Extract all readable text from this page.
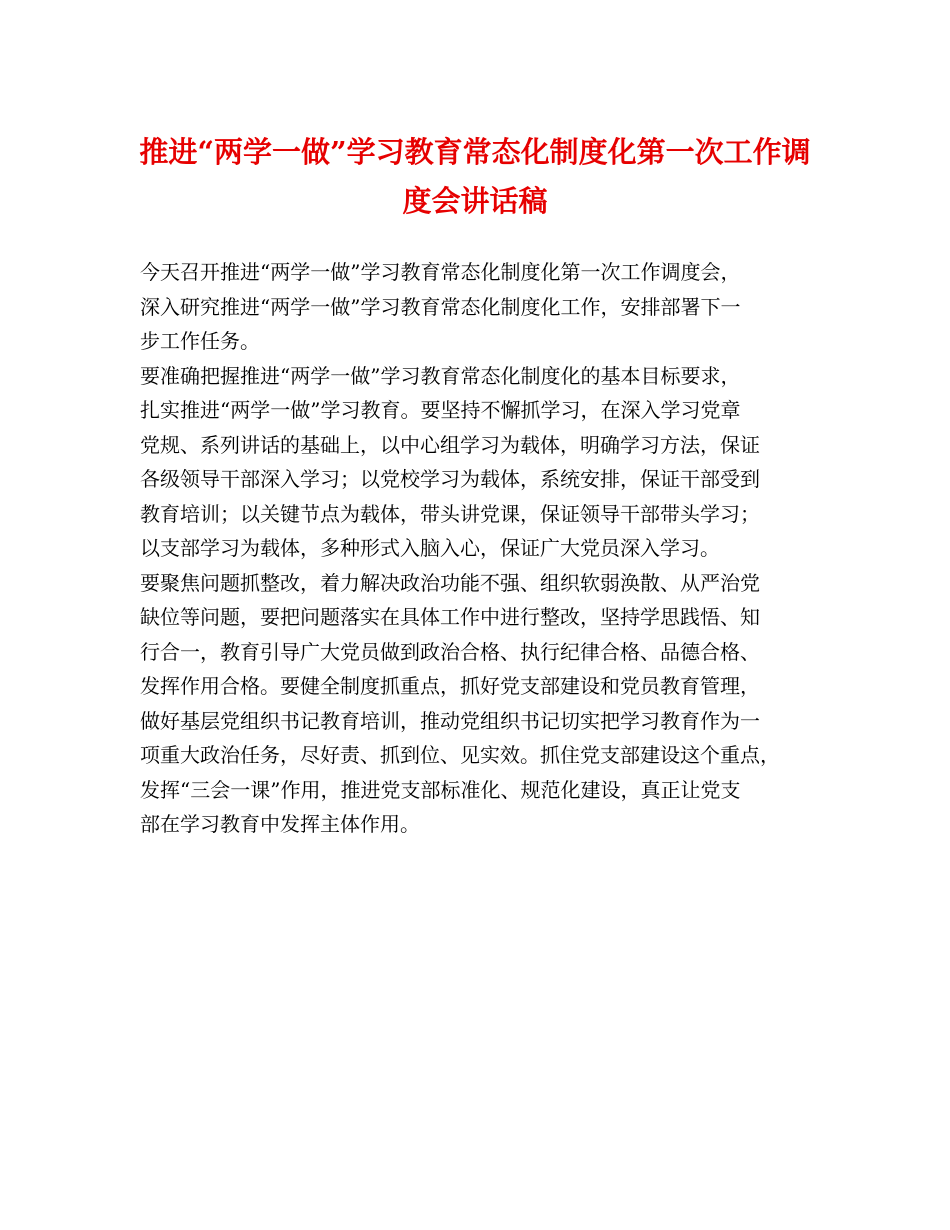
推进“两学一做”学习教育常态化制度化第一次工作调
度会讲话稿
今天召开推进“两学一做”学习教育常态化制度化第一次工作调度会，
深入研究推进“两学一做”学习教育常态化制度化工作，安排部署下一
步工作任务。
要准确把握推进“两学一做”学习教育常态化制度化的基本目标要求，
扎实推进“两学一做”学习教育。要坚持不懈抓学习，在深入学习党章
党规、系列讲话的基础上，以中心组学习为载体，明确学习方法，保证
各级领导干部深入学习；以党校学习为载体，系统安排，保证干部受到
教育培训；以关键节点为载体，带头讲党课，保证领导干部带头学习；
以支部学习为载体，多种形式入脑入心，保证广大党员深入学习。
要聚焦问题抓整改，着力解决政治功能不强、组织软弱涣散、从严治党
缺位等问题，要把问题落实在具体工作中进行整改，坚持学思践悟、知
行合一，教育引导广大党员做到政治合格、执行纪律合格、品德合格、
发挥作用合格。要健全制度抓重点，抓好党支部建设和党员教育管理，
做好基层党组织书记教育培训，推动党组织书记切实把学习教育作为一
项重大政治任务，尽好责、抓到位、见实效。抓住党支部建设这个重点，
发挥“三会一课”作用，推进党支部标准化、规范化建设，真正让党支
部在学习教育中发挥主体作用。
